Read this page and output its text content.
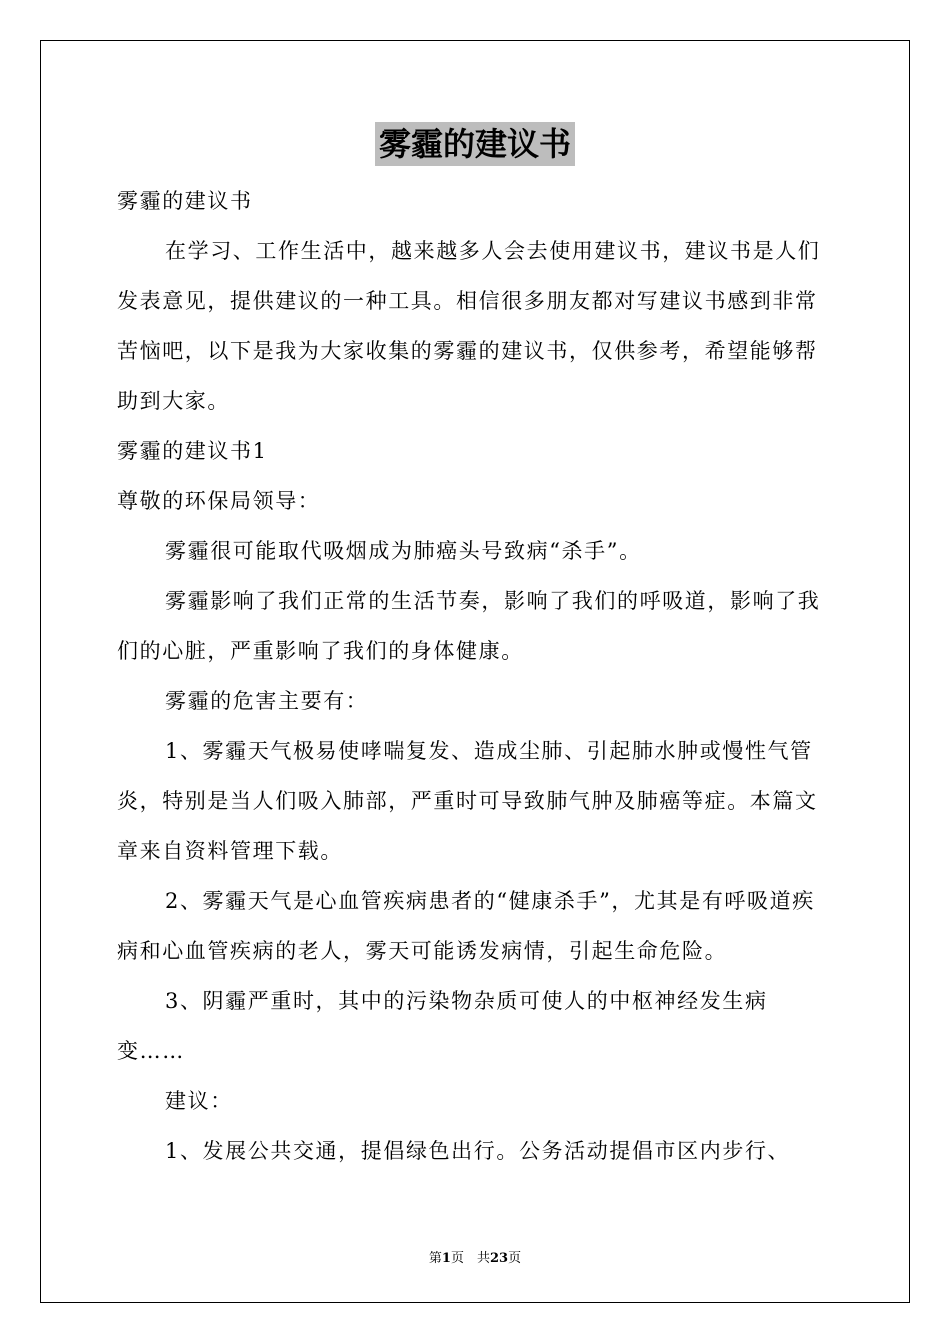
雾霾的建议书

雾霾的建议书

在学习、工作生活中，越来越多人会去使用建议书，建议书是人们发表意见，提供建议的一种工具。相信很多朋友都对写建议书感到非常苦恼吧，以下是我为大家收集的雾霾的建议书，仅供参考，希望能够帮助到大家。

雾霾的建议书1

尊敬的环保局领导：

雾霾很可能取代吸烟成为肺癌头号致病“杀手”。

雾霾影响了我们正常的生活节奏，影响了我们的呼吸道，影响了我们的心脏，严重影响了我们的身体健康。

雾霾的危害主要有：

1、雾霾天气极易使哮喘复发、造成尘肺、引起肺水肿或慢性气管炎，特别是当人们吸入肺部，严重时可导致肺气肿及肺癌等症。本篇文章来自资料管理下载。

2、雾霾天气是心血管疾病患者的“健康杀手”，尤其是有呼吸道疾病和心血管疾病的老人，雾天可能诱发病情，引起生命危险。

3、阴霾严重时，其中的污染物杂质可使人的中枢神经发生病变……

建议：

1、发展公共交通，提倡绿色出行。公务活动提倡市区内步行、

第1页　共23页
